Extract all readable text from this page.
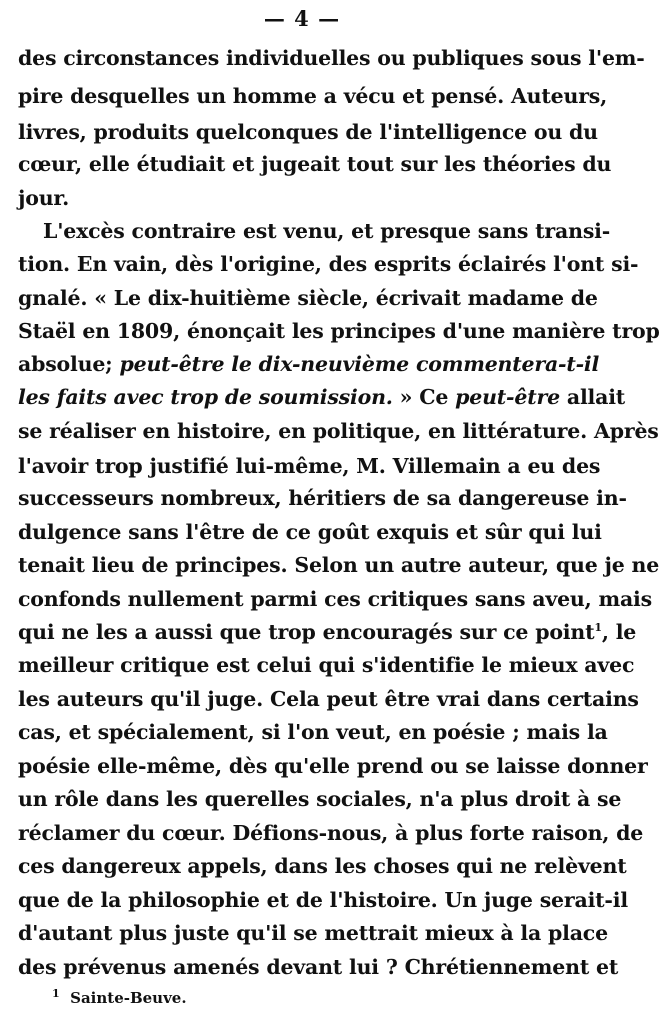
— 4 —
des circonstances individuelles ou publiques sous l'em-
pire desquelles un homme a vécu et pensé. Auteurs,
livres, produits quelconques de l'intelligence ou du
cœur, elle étudiait et jugeait tout sur les théories du
jour.
L'excès contraire est venu, et presque sans transi-
tion. En vain, dès l'origine, des esprits éclairés l'ont si-
gnalé. « Le dix-huitième siècle, écrivait madame de
Staël en 1809, énonçait les principes d'une manière trop
absolue; peut-être le dix-neuvième commentera-t-il
les faits avec trop de soumission. » Ce peut-être allait
se réaliser en histoire, en politique, en littérature. Après
l'avoir trop justifié lui-même, M. Villemain a eu des
successeurs nombreux, héritiers de sa dangereuse in-
dulgence sans l'être de ce goût exquis et sûr qui lui
tenait lieu de principes. Selon un autre auteur, que je ne
confonds nullement parmi ces critiques sans aveu, mais
qui ne les a aussi que trop encouragés sur ce point$^1$, le
meilleur critique est celui qui s'identifie le mieux avec
les auteurs qu'il juge. Cela peut être vrai dans certains
cas, et spécialement, si l'on veut, en poésie ; mais la
poésie elle-même, dès qu'elle prend ou se laisse donner
un rôle dans les querelles sociales, n'a plus droit à se
réclamer du cœur. Défions-nous, à plus forte raison, de
ces dangereux appels, dans les choses qui ne relèvent
que de la philosophie et de l'histoire. Un juge serait-il
d'autant plus juste qu'il se mettrait mieux à la place
des prévenus amenés devant lui ? Chrétiennement et
$^1$ Sainte-Beuve.
